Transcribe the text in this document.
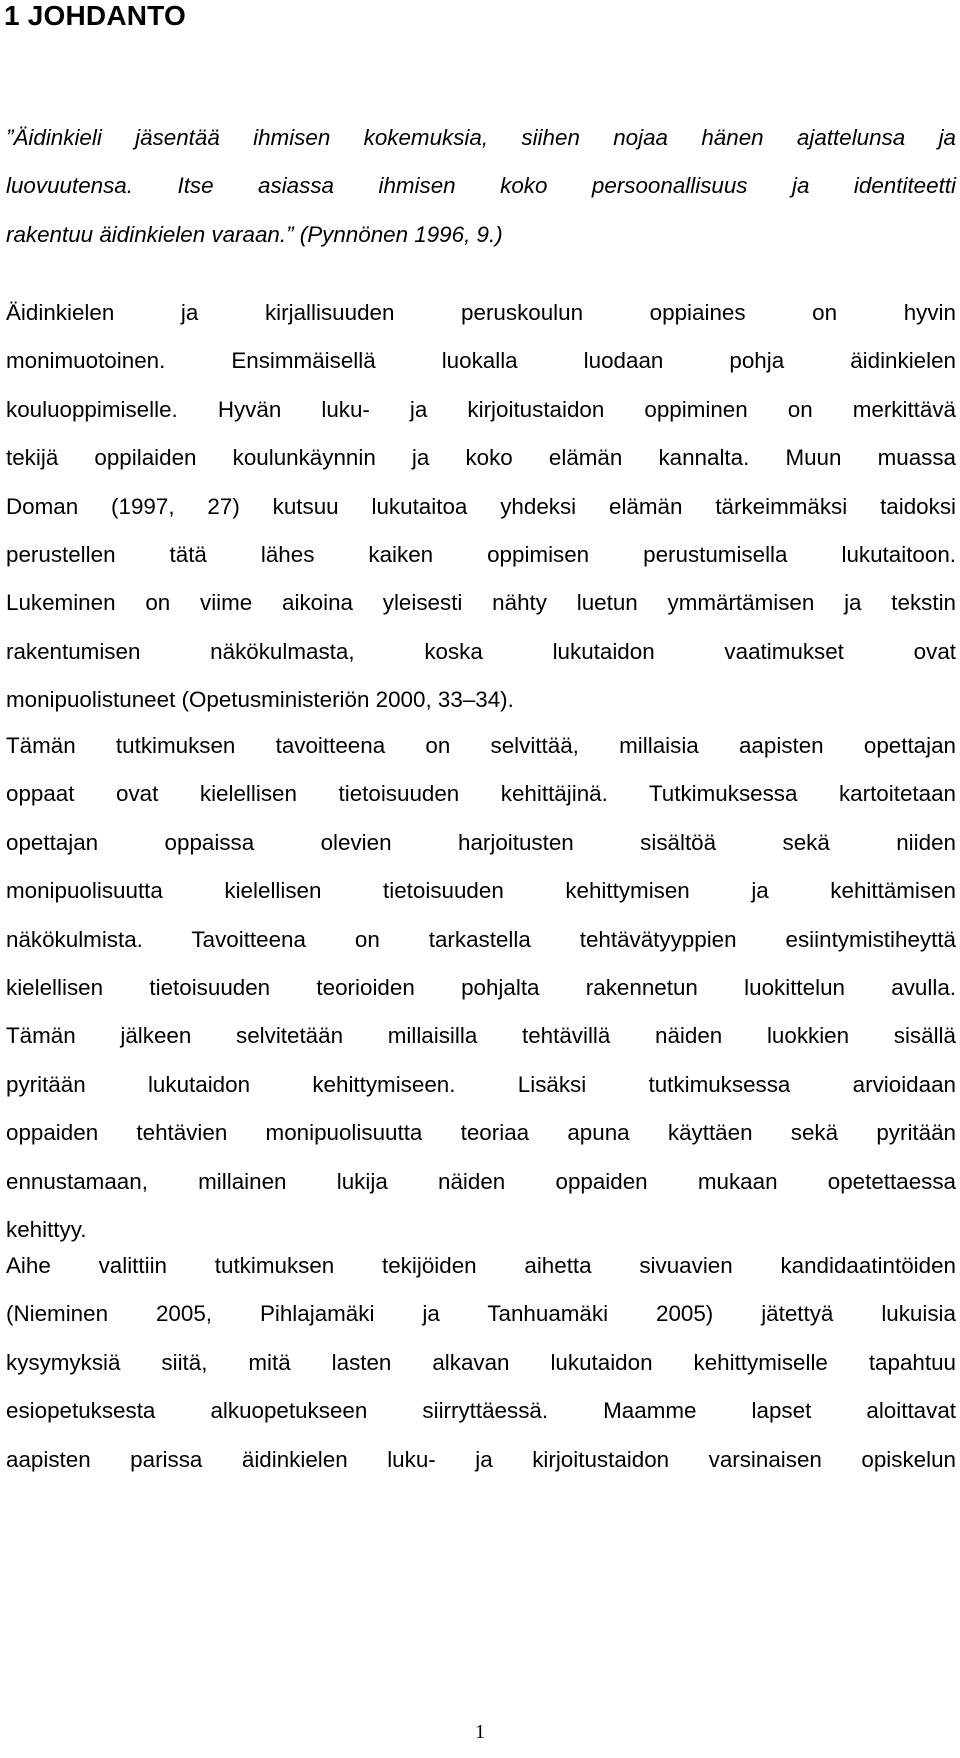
1 JOHDANTO

”Äidinkieli jäsentää ihmisen kokemuksia, siihen nojaa hänen ajattelunsa ja
luovuutensa. Itse asiassa ihmisen koko persoonallisuus ja identiteetti
rakentuu äidinkielen varaan.” (Pynnönen 1996, 9.)

Äidinkielen ja kirjallisuuden peruskoulun oppiaines on hyvin
monimuotoinen. Ensimmäisellä luokalla luodaan pohja äidinkielen
kouluoppimiselle. Hyvän luku- ja kirjoitustaidon oppiminen on merkittävä
tekijä oppilaiden koulunkäynnin ja koko elämän kannalta. Muun muassa
Doman (1997, 27) kutsuu lukutaitoa yhdeksi elämän tärkeimmäksi taidoksi
perustellen tätä lähes kaiken oppimisen perustumisella lukutaitoon.
Lukeminen on viime aikoina yleisesti nähty luetun ymmärtämisen ja tekstin
rakentumisen näkökulmasta, koska lukutaidon vaatimukset ovat
monipuolistuneet (Opetusministeriön 2000, 33–34).

Tämän tutkimuksen tavoitteena on selvittää, millaisia aapisten opettajan
oppaat ovat kielellisen tietoisuuden kehittäjinä. Tutkimuksessa kartoitetaan
opettajan oppaissa olevien harjoitusten sisältöä sekä niiden
monipuolisuutta kielellisen tietoisuuden kehittymisen ja kehittämisen
näkökulmista. Tavoitteena on tarkastella tehtävätyyppien esiintymistiheyttä
kielellisen tietoisuuden teorioiden pohjalta rakennetun luokittelun avulla.
Tämän jälkeen selvitetään millaisilla tehtävillä näiden luokkien sisällä
pyritään lukutaidon kehittymiseen. Lisäksi tutkimuksessa arvioidaan
oppaiden tehtävien monipuolisuutta teoriaa apuna käyttäen sekä pyritään
ennustamaan, millainen lukija näiden oppaiden mukaan opetettaessa
kehittyy.

Aihe valittiin tutkimuksen tekijöiden aihetta sivuavien kandidaatintöiden
(Nieminen 2005, Pihlajamäki ja Tanhuamäki 2005) jätettyä lukuisia
kysymyksiä siitä, mitä lasten alkavan lukutaidon kehittymiselle tapahtuu
esiopetuksesta alkuopetukseen siirryttäessä. Maamme lapset aloittavat
aapisten parissa äidinkielen luku- ja kirjoitustaidon varsinaisen opiskelun

1
